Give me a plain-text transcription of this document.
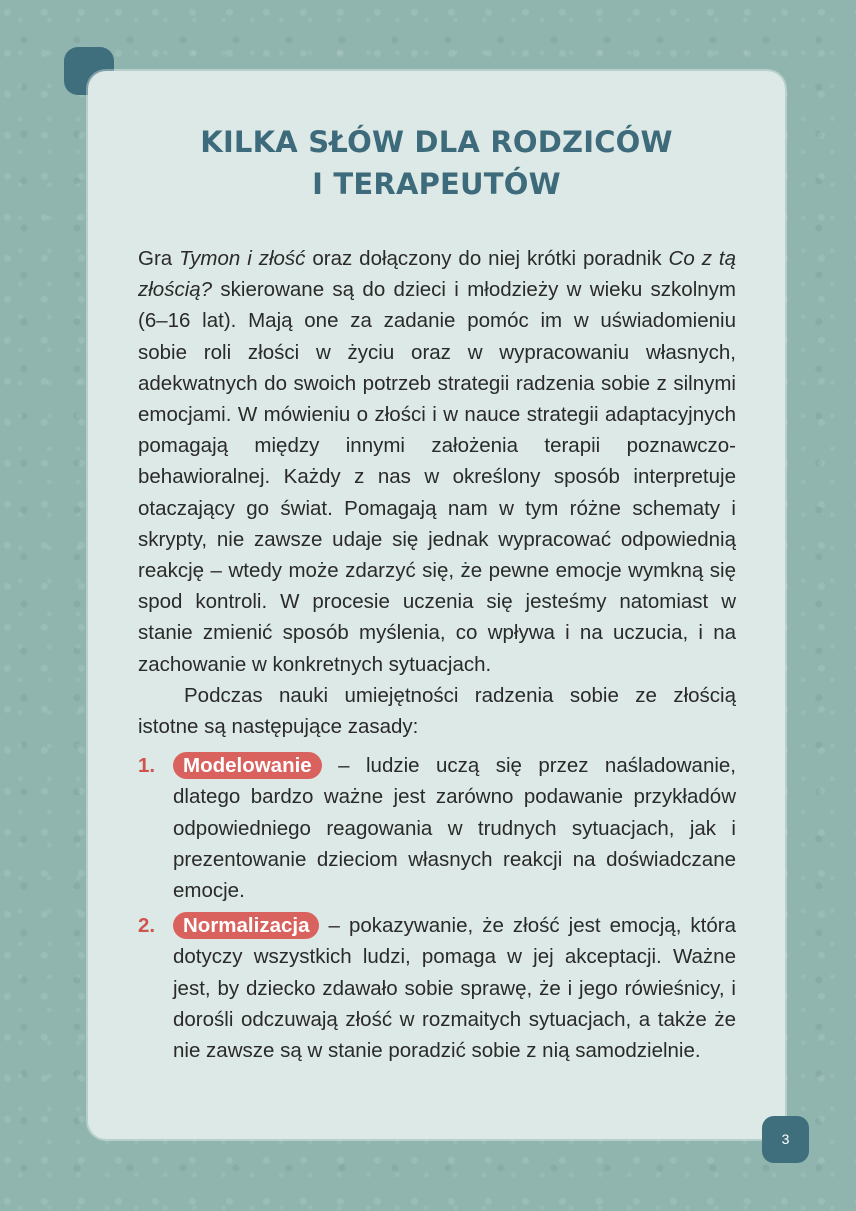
KILKA SŁÓW DLA RODZICÓW
I TERAPEUTÓW

Gra Tymon i złość oraz dołączony do niej krótki poradnik Co z tą złością? skierowane są do dzieci i młodzieży w wieku szkolnym (6–16 lat). Mają one za zadanie pomóc im w uświadomieniu sobie roli złości w życiu oraz w wypracowaniu własnych, adekwatnych do swoich potrzeb strategii radzenia sobie z silnymi emocjami. W mówieniu o złości i w nauce strategii adaptacyjnych pomagają między innymi założenia terapii poznawczo-behawioralnej. Każdy z nas w określony sposób interpretuje otaczający go świat. Pomagają nam w tym różne schematy i skrypty, nie zawsze udaje się jednak wypracować odpowiednią reakcję – wtedy może zdarzyć się, że pewne emocje wymkną się spod kontroli. W procesie uczenia się jesteśmy natomiast w stanie zmienić sposób myślenia, co wpływa i na uczucia, i na zachowanie w konkretnych sytuacjach.

Podczas nauki umiejętności radzenia sobie ze złością istotne są następujące zasady:

1. Modelowanie – ludzie uczą się przez naśladowanie, dlatego bardzo ważne jest zarówno podawanie przykładów odpowiedniego reagowania w trudnych sytuacjach, jak i prezentowanie dzieciom własnych reakcji na doświadczane emocje.
2. Normalizacja – pokazywanie, że złość jest emocją, która dotyczy wszystkich ludzi, pomaga w jej akceptacji. Ważne jest, by dziecko zdawało sobie sprawę, że i jego rówieśnicy, i dorośli odczuwają złość w rozmaitych sytuacjach, a także że nie zawsze są w stanie poradzić sobie z nią samodzielnie.
3
